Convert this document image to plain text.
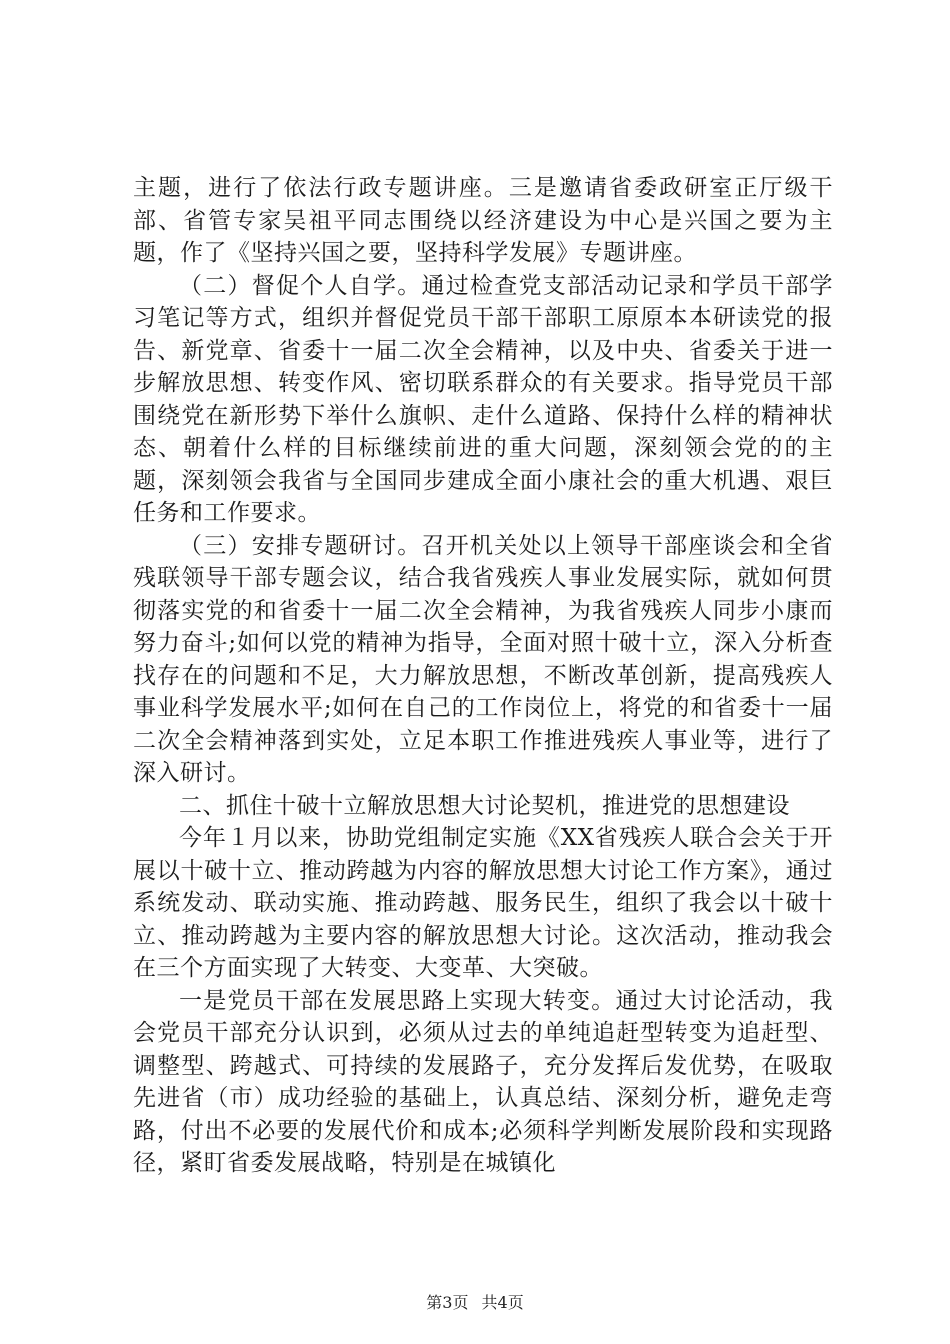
主题，进行了依法行政专题讲座。三是邀请省委政研室正厅级干部、省管专家吴祖平同志围绕以经济建设为中心是兴国之要为主题，作了《坚持兴国之要，坚持科学发展》专题讲座。

（二）督促个人自学。通过检查党支部活动记录和学员干部学习笔记等方式，组织并督促党员干部干部职工原原本本研读党的报告、新党章、省委十一届二次全会精神，以及中央、省委关于进一步解放思想、转变作风、密切联系群众的有关要求。指导党员干部围绕党在新形势下举什么旗帜、走什么道路、保持什么样的精神状态、朝着什么样的目标继续前进的重大问题，深刻领会党的的主题，深刻领会我省与全国同步建成全面小康社会的重大机遇、艰巨任务和工作要求。

（三）安排专题研讨。召开机关处以上领导干部座谈会和全省残联领导干部专题会议，结合我省残疾人事业发展实际，就如何贯彻落实党的和省委十一届二次全会精神，为我省残疾人同步小康而努力奋斗;如何以党的精神为指导，全面对照十破十立，深入分析查找存在的问题和不足，大力解放思想，不断改革创新，提高残疾人事业科学发展水平;如何在自己的工作岗位上，将党的和省委十一届二次全会精神落到实处，立足本职工作推进残疾人事业等，进行了深入研讨。

二、抓住十破十立解放思想大讨论契机，推进党的思想建设

今年１月以来，协助党组制定实施《XX省残疾人联合会关于开展以十破十立、推动跨越为内容的解放思想大讨论工作方案》，通过系统发动、联动实施、推动跨越、服务民生，组织了我会以十破十立、推动跨越为主要内容的解放思想大讨论。这次活动，推动我会在三个方面实现了大转变、大变革、大突破。

一是党员干部在发展思路上实现大转变。通过大讨论活动，我会党员干部充分认识到，必须从过去的单纯追赶型转变为追赶型、调整型、跨越式、可持续的发展路子，充分发挥后发优势，在吸取先进省（市）成功经验的基础上，认真总结、深刻分析，避免走弯路，付出不必要的发展代价和成本;必须科学判断发展阶段和实现路径，紧盯省委发展战略，特别是在城镇化

第3页 共4页
